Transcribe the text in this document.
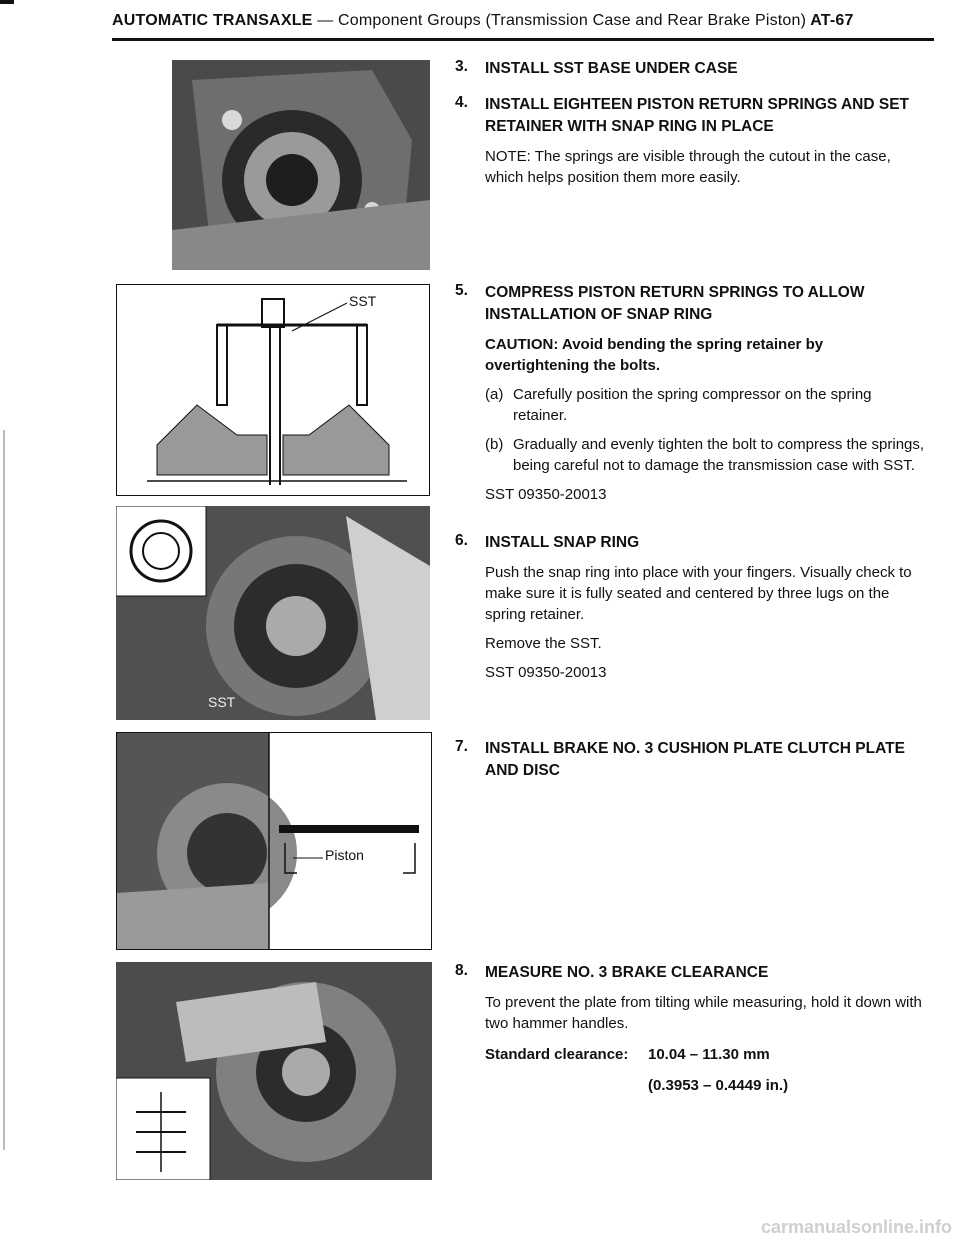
AUTOMATIC TRANSAXLE — Component Groups (Transmission Case and Rear Brake Piston) AT-67
SST
SST
Piston
3. INSTALL SST BASE UNDER CASE
4. INSTALL EIGHTEEN PISTON RETURN SPRINGS AND SET RETAINER WITH SNAP RING IN PLACE

NOTE: The springs are visible through the cutout in the case, which helps position them more easily.

5. COMPRESS PISTON RETURN SPRINGS TO ALLOW INSTALLATION OF SNAP RING

CAUTION: Avoid bending the spring retainer by overtightening the bolts.

(a) Carefully position the spring compressor on the spring retainer.
(b) Gradually and evenly tighten the bolt to compress the springs, being careful not to damage the transmission case with SST.

SST 09350-20013

6. INSTALL SNAP RING

Push the snap ring into place with your fingers. Visually check to make sure it is fully seated and centered by three lugs on the spring retainer.

Remove the SST.

SST 09350-20013

7. INSTALL BRAKE NO. 3 CUSHION PLATE CLUTCH PLATE AND DISC
8. MEASURE NO. 3 BRAKE CLEARANCE

To prevent the plate from tilting while measuring, hold it down with two hammer handles.

Standard clearance:	10.04 – 11.30 mm
(0.3953 – 0.4449 in.)
carmanualsonline.info
